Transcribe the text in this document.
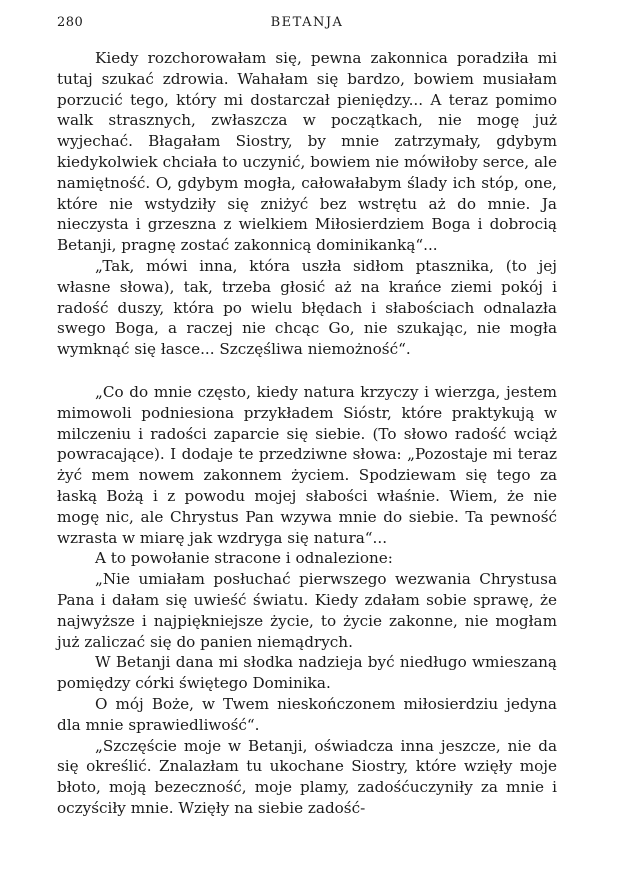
280	BETANJA

Kiedy rozchorowałam się, pewna zakonnica poradziła mi tutaj szukać zdrowia. Wahałam się bardzo, bowiem musiałam porzucić tego, który mi dostarczał pieniędzy... A teraz pomimo walk strasznych, zwłaszcza w początkach, nie mogę już wyjechać. Błagałam Siostry, by mnie zatrzymały, gdybym kiedykolwiek chciała to uczynić, bowiem nie mówiłoby serce, ale namiętność. O, gdybym mogła, całowałabym ślady ich stóp, one, które nie wstydziły się zniżyć bez wstrętu aż do mnie. Ja nieczysta i grzeszna z wielkiem Miłosierdziem Boga i dobrocią Betanji, pragnę zostać zakonnicą dominikanką“...

„Tak, mówi inna, która uszła sidłom ptasznika, (to jej własne słowa), tak, trzeba głosić aż na krańce ziemi pokój i radość duszy, która po wielu błędach i słabościach odnalazła swego Boga, a raczej nie chcąc Go, nie szukając, nie mogła wymknąć się łasce... Szczęśliwa niemożność“.

„Co do mnie często, kiedy natura krzyczy i wierzga, jestem mimowoli podniesiona przykładem Sióstr, które praktykują w milczeniu i radości zaparcie się siebie. (To słowo radość wciąż powracające). I dodaje te przedziwne słowa: „Pozostaje mi teraz żyć mem nowem zakonnem życiem. Spodziewam się tego za łaską Bożą i z powodu mojej słabości właśnie. Wiem, że nie mogę nic, ale Chrystus Pan wzywa mnie do siebie. Ta pewność wzrasta w miarę jak wzdryga się natura“...

A to powołanie stracone i odnalezione:

„Nie umiałam posłuchać pierwszego wezwania Chrystusa Pana i dałam się uwieść światu. Kiedy zdałam sobie sprawę, że najwyższe i najpiękniejsze życie, to życie zakonne, nie mogłam już zaliczać się do panien niemądrych.

W Betanji dana mi słodka nadzieja być niedługo wmieszaną pomiędzy córki świętego Dominika.

O mój Boże, w Twem nieskończonem miłosierdziu jedyna dla mnie sprawiedliwość“.

„Szczęście moje w Betanji, oświadcza inna jeszcze, nie da się określić. Znalazłam tu ukochane Siostry, które wzięły moje błoto, moją bezeczność, moje plamy, zadośćuczyniły za mnie i oczyściły mnie. Wzięły na siebie zadość-
